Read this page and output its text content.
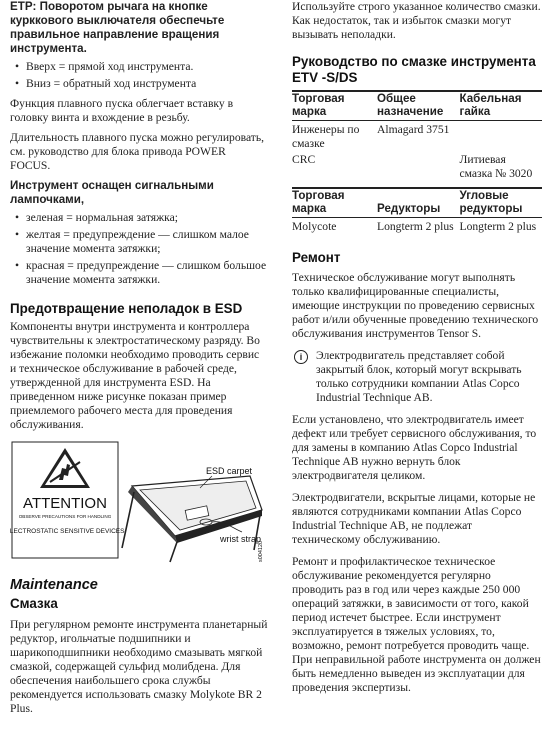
ETP: Поворотом рычага на кнопке курккового выключателя обеспечьте правильное направление вращения инструмента.

• Вверх = прямой ход инструмента.
• Вниз = обратный ход инструмента

Функция плавного пуска облегчает вставку в головку винта и вхождение в резьбу.

Длительность плавного пуска можно регулировать, см. руководство для блока привода POWER FOCUS.

Инструмент оснащен сигнальными лампочками,

• зеленая = нормальная затяжка;
• желтая = предупреждение — слишком малое значение момента затяжки;
• красная = предупреждение — слишком большое значение момента затяжки.
Предотвращение неполадок в ESD

Компоненты внутри инструмента и контроллера чувствительны к электростатическому разряду. Во избежание поломки необходимо проводить сервис и техническое обслуживание в рабочей среде, утвержденной для инструмента ESD. На приведенном ниже рисунке показан пример приемлемого рабочего места для проведения обслуживания.

ATTENTION
OBSERVE PRECAUTIONS FOR HANDLING
ELECTROSTATIC SENSITIVE DEVICES
ESD carpet
wrist strap
s004120
Maintenance
Смазка

При регулярном ремонте инструмента планетарный редуктор, игольчатые подшипники и шарикоподшипники необходимо смазывать мягкой смазкой, содержащей сульфид молибдена. Для обеспечения наибольшего срока службы рекомендуется использовать смазку Molykote BR 2 Plus.

Используйте строго указанное количество смазки. Как недостаток, так и избыток смазки могут вызывать неполадки.

Руководство по смазке инструмента ETV -S/DS
Торговая марка	Общее назначение	Кабельная гайка
Инженеры по смазке	Almagard 3751	
CRC		Литиевая смазка № 3020
Торговая марка	Редукторы	Угловые редукторы
Molycote	Longterm 2 plus	Longterm 2 plus
Ремонт

Техническое обслуживание могут выполнять только квалифицированные специалисты, имеющие инструкции по проведению сервисных работ и/или обученные проведению технического обслуживания инструментов Tensor S.

i	Электродвигатель представляет собой закрытый блок, который могут вскрывать только сотрудники компании Atlas Copco Industrial Technique AB.

Если установлено, что электродвигатель имеет дефект или требует сервисного обслуживания, то для замены в компанию Atlas Copco Industrial Technique AB нужно вернуть блок электродвигателя целиком.

Электродвигатели, вскрытые лицами, которые не являются сотрудниками компании Atlas Copco Industrial Technique AB, не подлежат техническому обслуживанию.

Ремонт и профилактическое техническое обслуживание рекомендуется регулярно проводить раз в год или через каждые 250 000 операций затяжки, в зависимости от того, какой период истечет быстрее. Если инструмент эксплуатируется в тяжелых условиях, то, возможно, ремонт потребуется проводить чаще. При неправильной работе инструмента он должен быть немедленно выведен из эксплуатации для проведения экспертизы.
